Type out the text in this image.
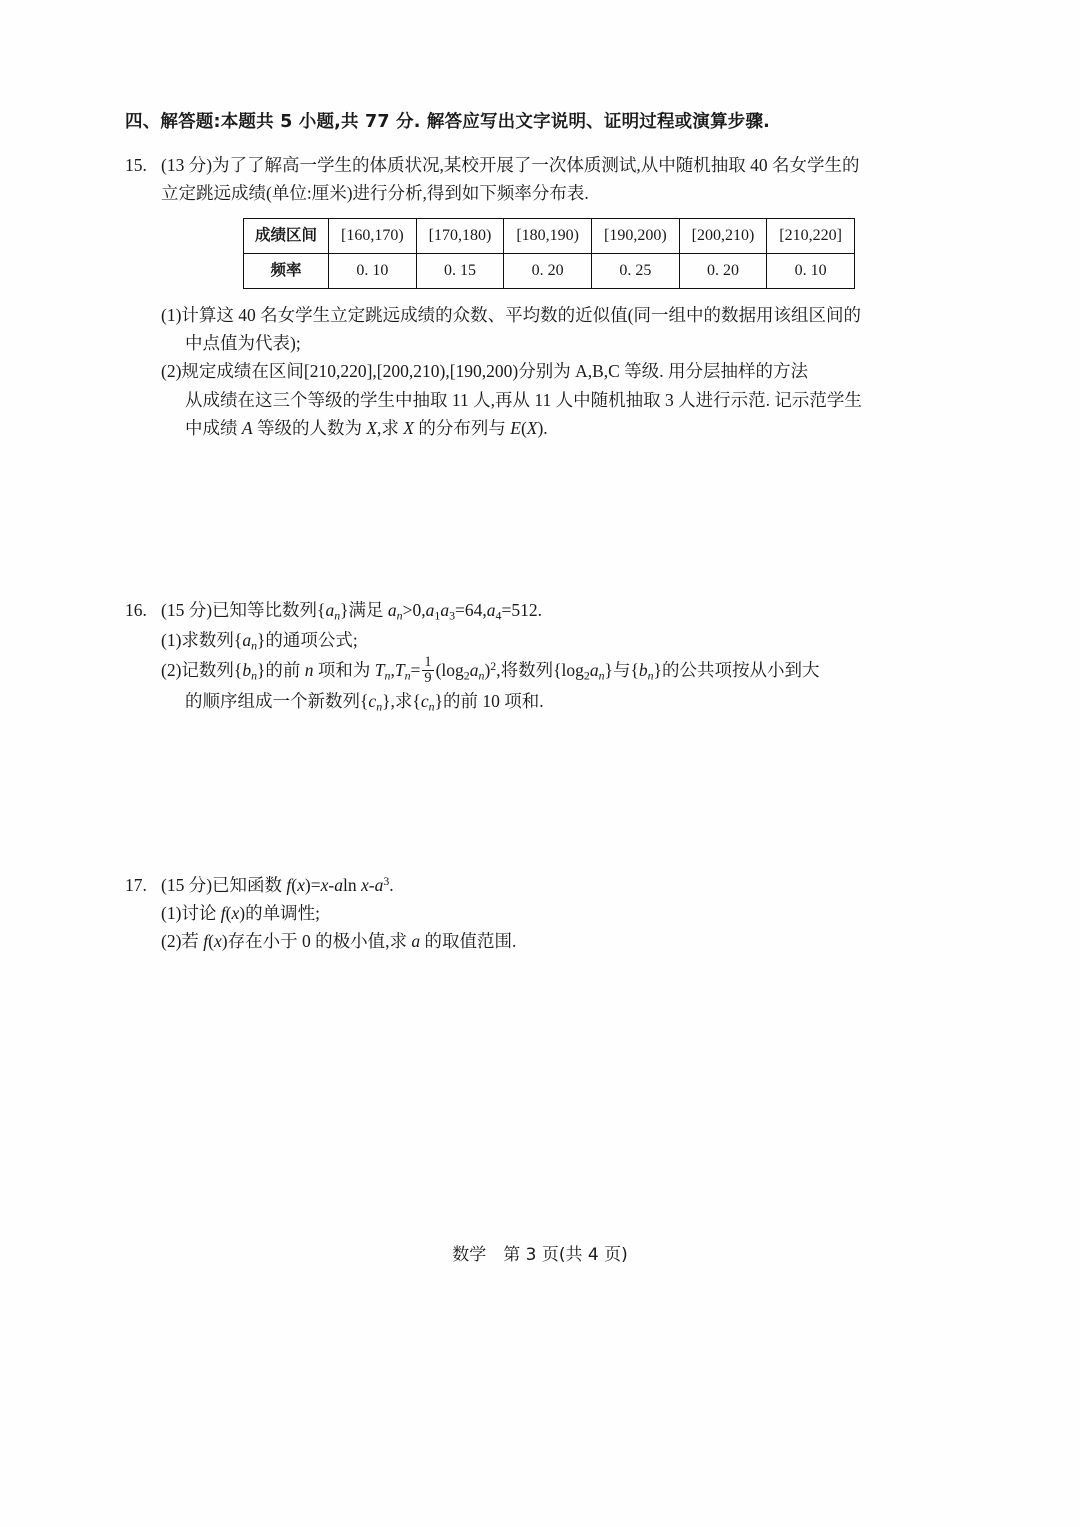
四、解答题:本题共 5 小题,共 77 分. 解答应写出文字说明、证明过程或演算步骤.
15. (13 分)为了了解高一学生的体质状况,某校开展了一次体质测试,从中随机抽取 40 名女学生的
立定跳远成绩(单位:厘米)进行分析,得到如下频率分布表.
成绩区间	[160,170)	[170,180)	[180,190)	[190,200)	[200,210)	[210,220]
频率	0. 10	0. 15	0. 20	0. 25	0. 20	0. 10
(1)计算这 40 名女学生立定跳远成绩的众数、平均数的近似值(同一组中的数据用该组区间的
中点值为代表);
(2)规定成绩在区间[210,220],[200,210),[190,200)分别为 A,B,C 等级. 用分层抽样的方法
从成绩在这三个等级的学生中抽取 11 人,再从 11 人中随机抽取 3 人进行示范. 记示范学生
中成绩 A 等级的人数为 X,求 X 的分布列与 E(X).
16. (15 分)已知等比数列$\{a_n\}$满足 $a_n>0,a_1a_3=64,a_4=512$.
(1)求数列$\{a_n\}$的通项公式;
(2)记数列$\{b_n\}$的前 n 项和为 $T_n,T_n= \frac{1}{9} (\log_2a_n)^2$,将数列$\{\log_2a_n\}$与$\{b_n\}$的公共项按从小到大
的顺序组成一个新数列$\{c_n\}$,求$\{c_n\}$的前 10 项和.
17. (15 分)已知函数 f(x)=x-aln $x-a^3$.
(1)讨论 f(x)的单调性;
(2)若 f(x)存在小于 0 的极小值,求 a 的取值范围.
数学　第 3 页(共 4 页)
